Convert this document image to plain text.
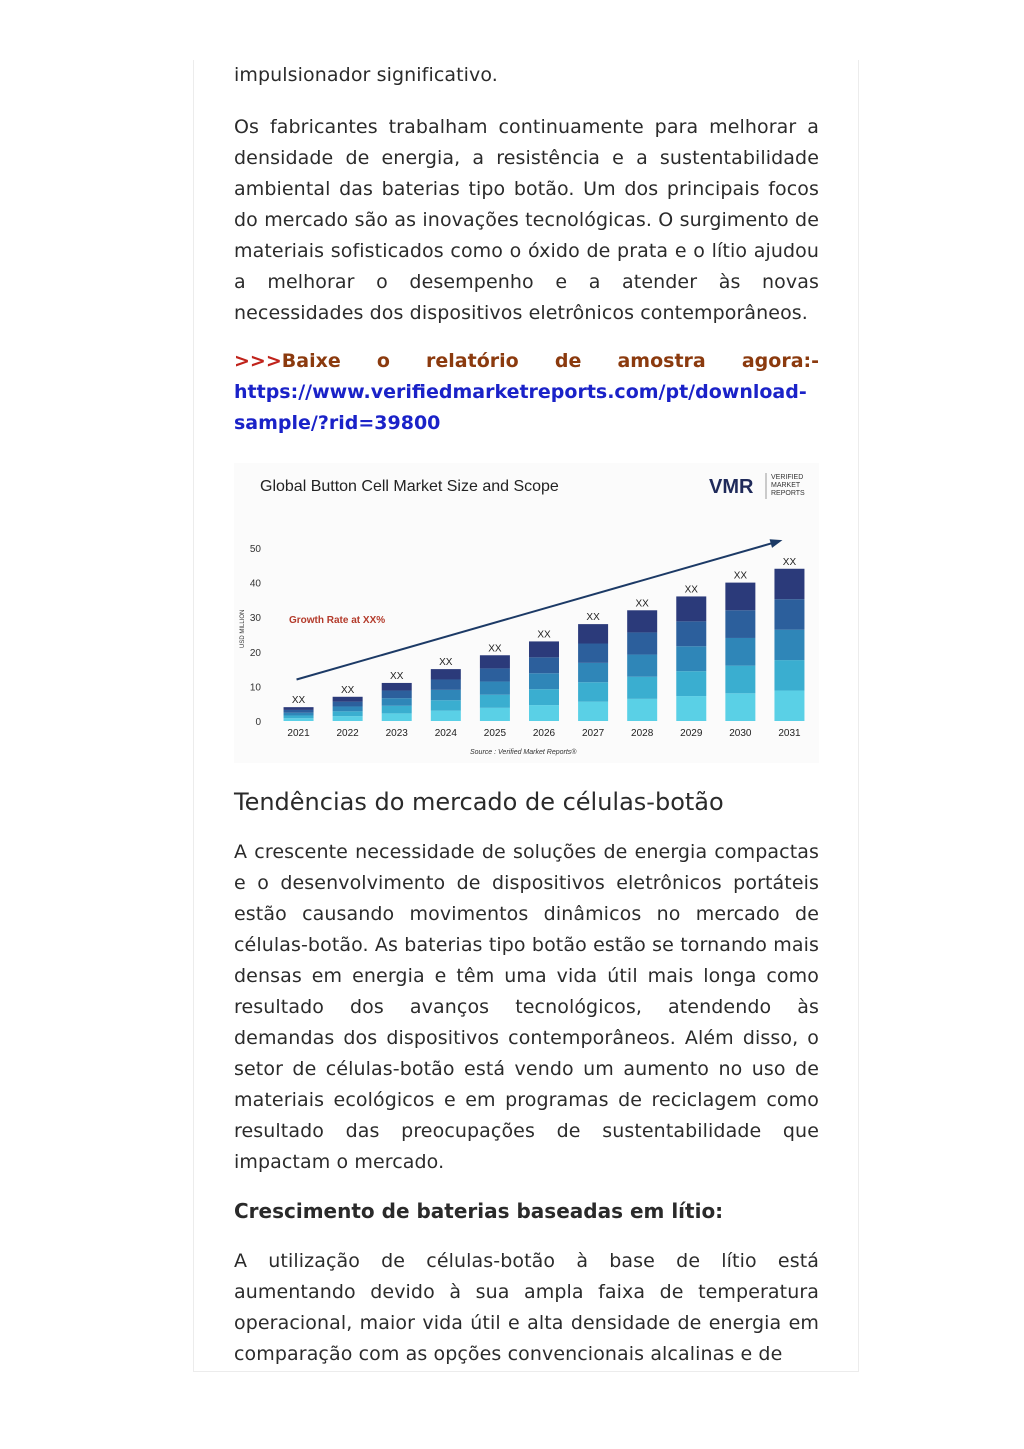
impulsionador significativo.

Os fabricantes trabalham continuamente para melhorar a densidade de energia, a resistência e a sustentabilidade ambiental das baterias tipo botão. Um dos principais focos do mercado são as inovações tecnológicas. O surgimento de materiais sofisticados como o óxido de prata e o lítio ajudou a melhorar o desempenho e a atender às novas necessidades dos dispositivos eletrônicos contemporâneos.

>>>Baixe o relatório de amostra agora:-

https://www.verifiedmarketreports.com/pt/download-sample/?rid=39800

Global Button Cell Market Size and Scope	VMR	VERIFIED
MARKET
REPORTS
USD MILLION
0
10
20
30
40
50
XX
XX
XX
XX
XX
XX
XX
XX
XX
XX
XX
2021	2022	2023	2024	2025	2026	2027	2028	2029	2030	2031
Growth Rate at XX%
Source : Verified Market Reports®

Tendências do mercado de células-botão

A crescente necessidade de soluções de energia compactas e o desenvolvimento de dispositivos eletrônicos portáteis estão causando movimentos dinâmicos no mercado de células-botão. As baterias tipo botão estão se tornando mais densas em energia e têm uma vida útil mais longa como resultado dos avanços tecnológicos, atendendo às demandas dos dispositivos contemporâneos. Além disso, o setor de células-botão está vendo um aumento no uso de materiais ecológicos e em programas de reciclagem como resultado das preocupações de sustentabilidade que impactam o mercado.

Crescimento de baterias baseadas em lítio:

A utilização de células-botão à base de lítio está aumentando devido à sua ampla faixa de temperatura operacional, maior vida útil e alta densidade de energia em comparação com as opções convencionais alcalinas e de
